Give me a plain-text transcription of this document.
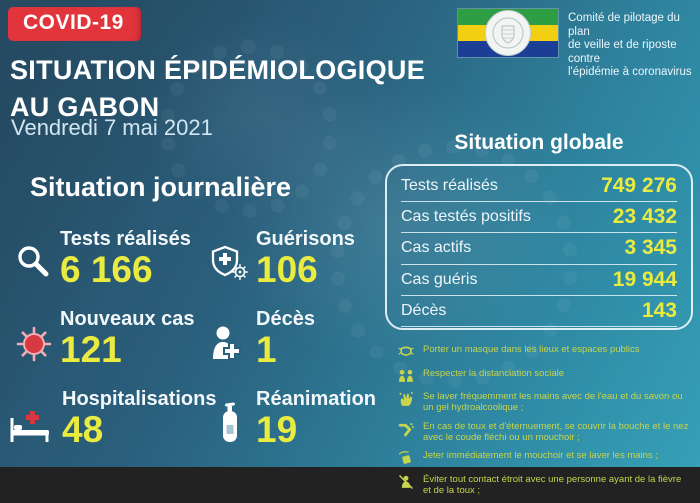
COVID-19	Comité de pilotage du plan
de veille et de riposte contre
l'épidémie à coronavirus
SITUATION ÉPIDÉMIOLOGIQUE
AU GABON
Vendredi 7 mai 2021
Situation journalière
Tests réalisés
6 166
Guérisons
106
Nouveaux cas
121
Décès
1
Hospitalisations
48
Réanimation
19
Situation globale
Tests réalisés	749 276
Cas testés positifs	23 432
Cas actifs	3 345
Cas guéris	19 944
Décès	143
Porter un masque dans les lieux et espaces publics
Respecter la distanciation sociale
Se laver fréquemment les mains avec de l'eau et du savon ou un gel hydroalcoolique ;
En cas de toux et d'éternuement, se couvrir la bouche et le nez avec le coude fléchi ou un mouchoir ;
Jeter immédiatement le mouchoir et se laver les mains ;
Éviter tout contact étroit avec une personne ayant de la fièvre et de la toux ;
